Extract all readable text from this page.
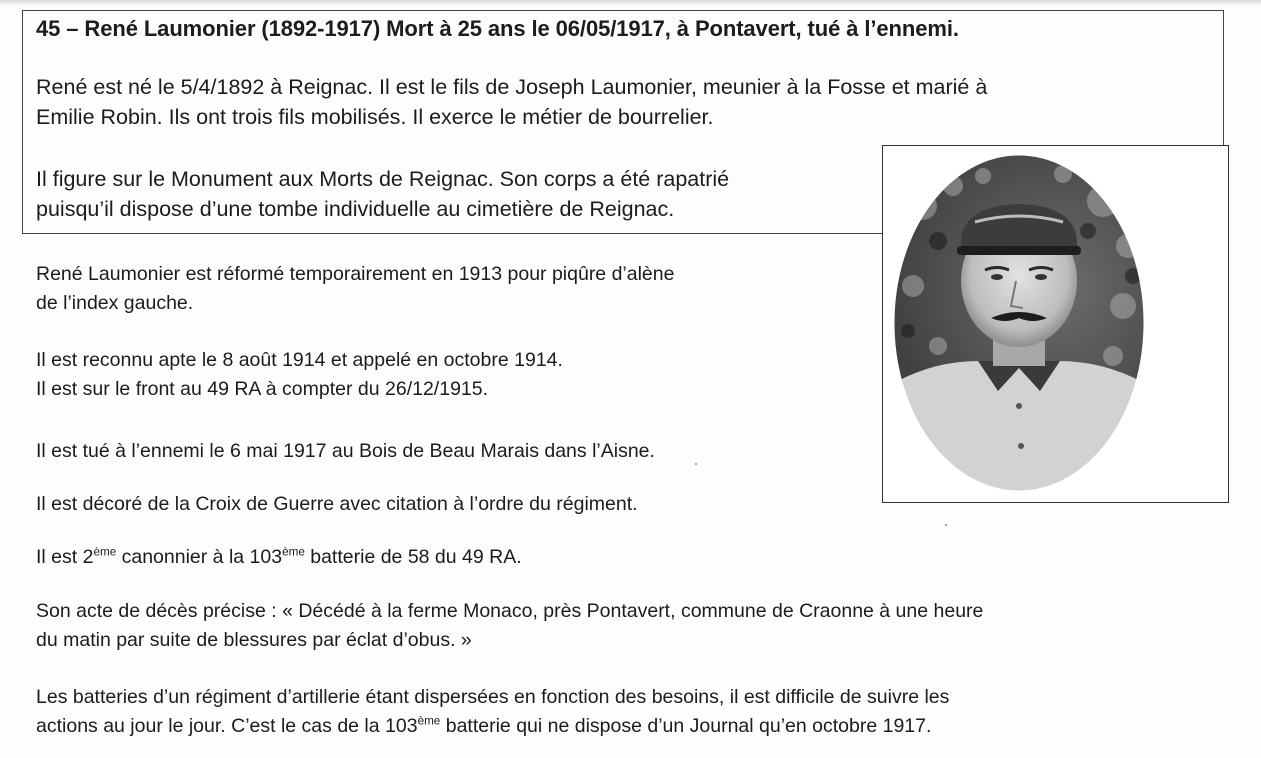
45 – René Laumonier (1892-1917) Mort à 25 ans le 06/05/1917, à Pontavert, tué à l’ennemi.

René est né le 5/4/1892 à Reignac. Il est le fils de Joseph Laumonier, meunier à la Fosse et marié à
Emilie Robin. Ils ont trois fils mobilisés. Il exerce le métier de bourrelier.

Il figure sur le Monument aux Morts de Reignac. Son corps a été rapatrié
puisqu’il dispose d’une tombe individuelle au cimetière de Reignac.

René Laumonier est réformé temporairement en 1913 pour piqûre d’alène
de l’index gauche.

Il est reconnu apte le 8 août 1914 et appelé en octobre 1914.
Il est sur le front au 49 RA à compter du 26/12/1915.

Il est tué à l’ennemi le 6 mai 1917 au Bois de Beau Marais dans l’Aisne.

Il est décoré de la Croix de Guerre avec citation à l’ordre du régiment.

Il est 2ème canonnier à la 103ème batterie de 58 du 49 RA.

Son acte de décès précise : « Décédé à la ferme Monaco, près Pontavert, commune de Craonne à une heure
du matin par suite de blessures par éclat d’obus. »

Les batteries d’un régiment d’artillerie étant dispersées en fonction des besoins, il est difficile de suivre les
actions au jour le jour. C’est le cas de la 103ème batterie qui ne dispose d’un Journal qu’en octobre 1917.
